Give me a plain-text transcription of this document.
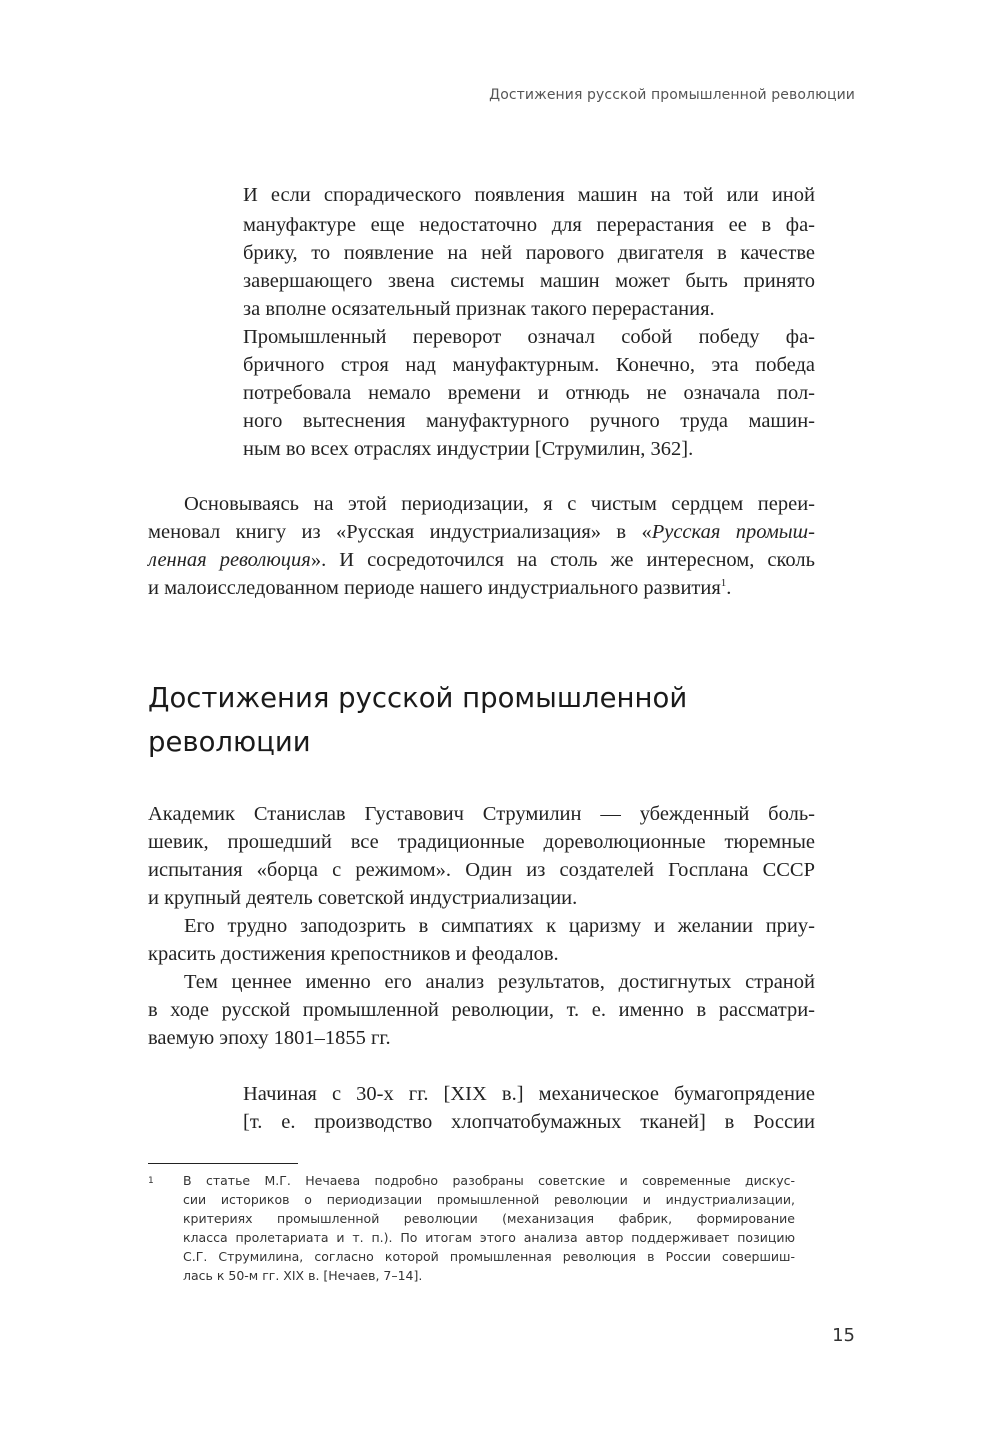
Достижения русской промышленной революции
И если спорадического появления машин на той или иной
мануфактуре еще недостаточно для перерастания ее в фа-
брику, то появление на ней парового двигателя в качестве
завершающего звена системы машин может быть принято
за вполне осязательный признак такого перерастания.
Промышленный переворот означал собой победу фа-
бричного строя над мануфактурным. Конечно, эта победа
потребовала немало времени и отнюдь не означала пол-
ного вытеснения мануфактурного ручного труда машин-
ным во всех отраслях индустрии [Струмилин, 362].
Основываясь на этой периодизации, я с чистым сердцем переи-
меновал книгу из «Русская индустриализация» в «Русская промыш-
ленная революция». И сосредоточился на столь же интересном, сколь
и малоисследованном периоде нашего индустриального развития$^1$.
Достижения русской промышленной
революции
Академик Станислав Густавович Струмилин — убежденный боль-
шевик, прошедший все традиционные дореволюционные тюремные
испытания «борца с режимом». Один из создателей Госплана СССР
и крупный деятель советской индустриализации.
Его трудно заподозрить в симпатиях к царизму и желании приу-
красить достижения крепостников и феодалов.
Тем ценнее именно его анализ результатов, достигнутых страной
в ходе русской промышленной революции, т. е. именно в рассматри-
ваемую эпоху 1801–1855 гг.
Начиная с 30-х гг. [XIX в.] механическое бумагопрядение
[т. е. производство хлопчатобумажных тканей] в России
1 В статье М.Г. Нечаева подробно разобраны советские и современные дискус-
сии историков о периодизации промышленной революции и индустриализации,
критериях промышленной революции (механизация фабрик, формирование
класса пролетариата и т. п.). По итогам этого анализа автор поддерживает позицию
С.Г. Струмилина, согласно которой промышленная революция в России совершиш-
лась к 50-м гг. XIX в. [Нечаев, 7–14].
15
